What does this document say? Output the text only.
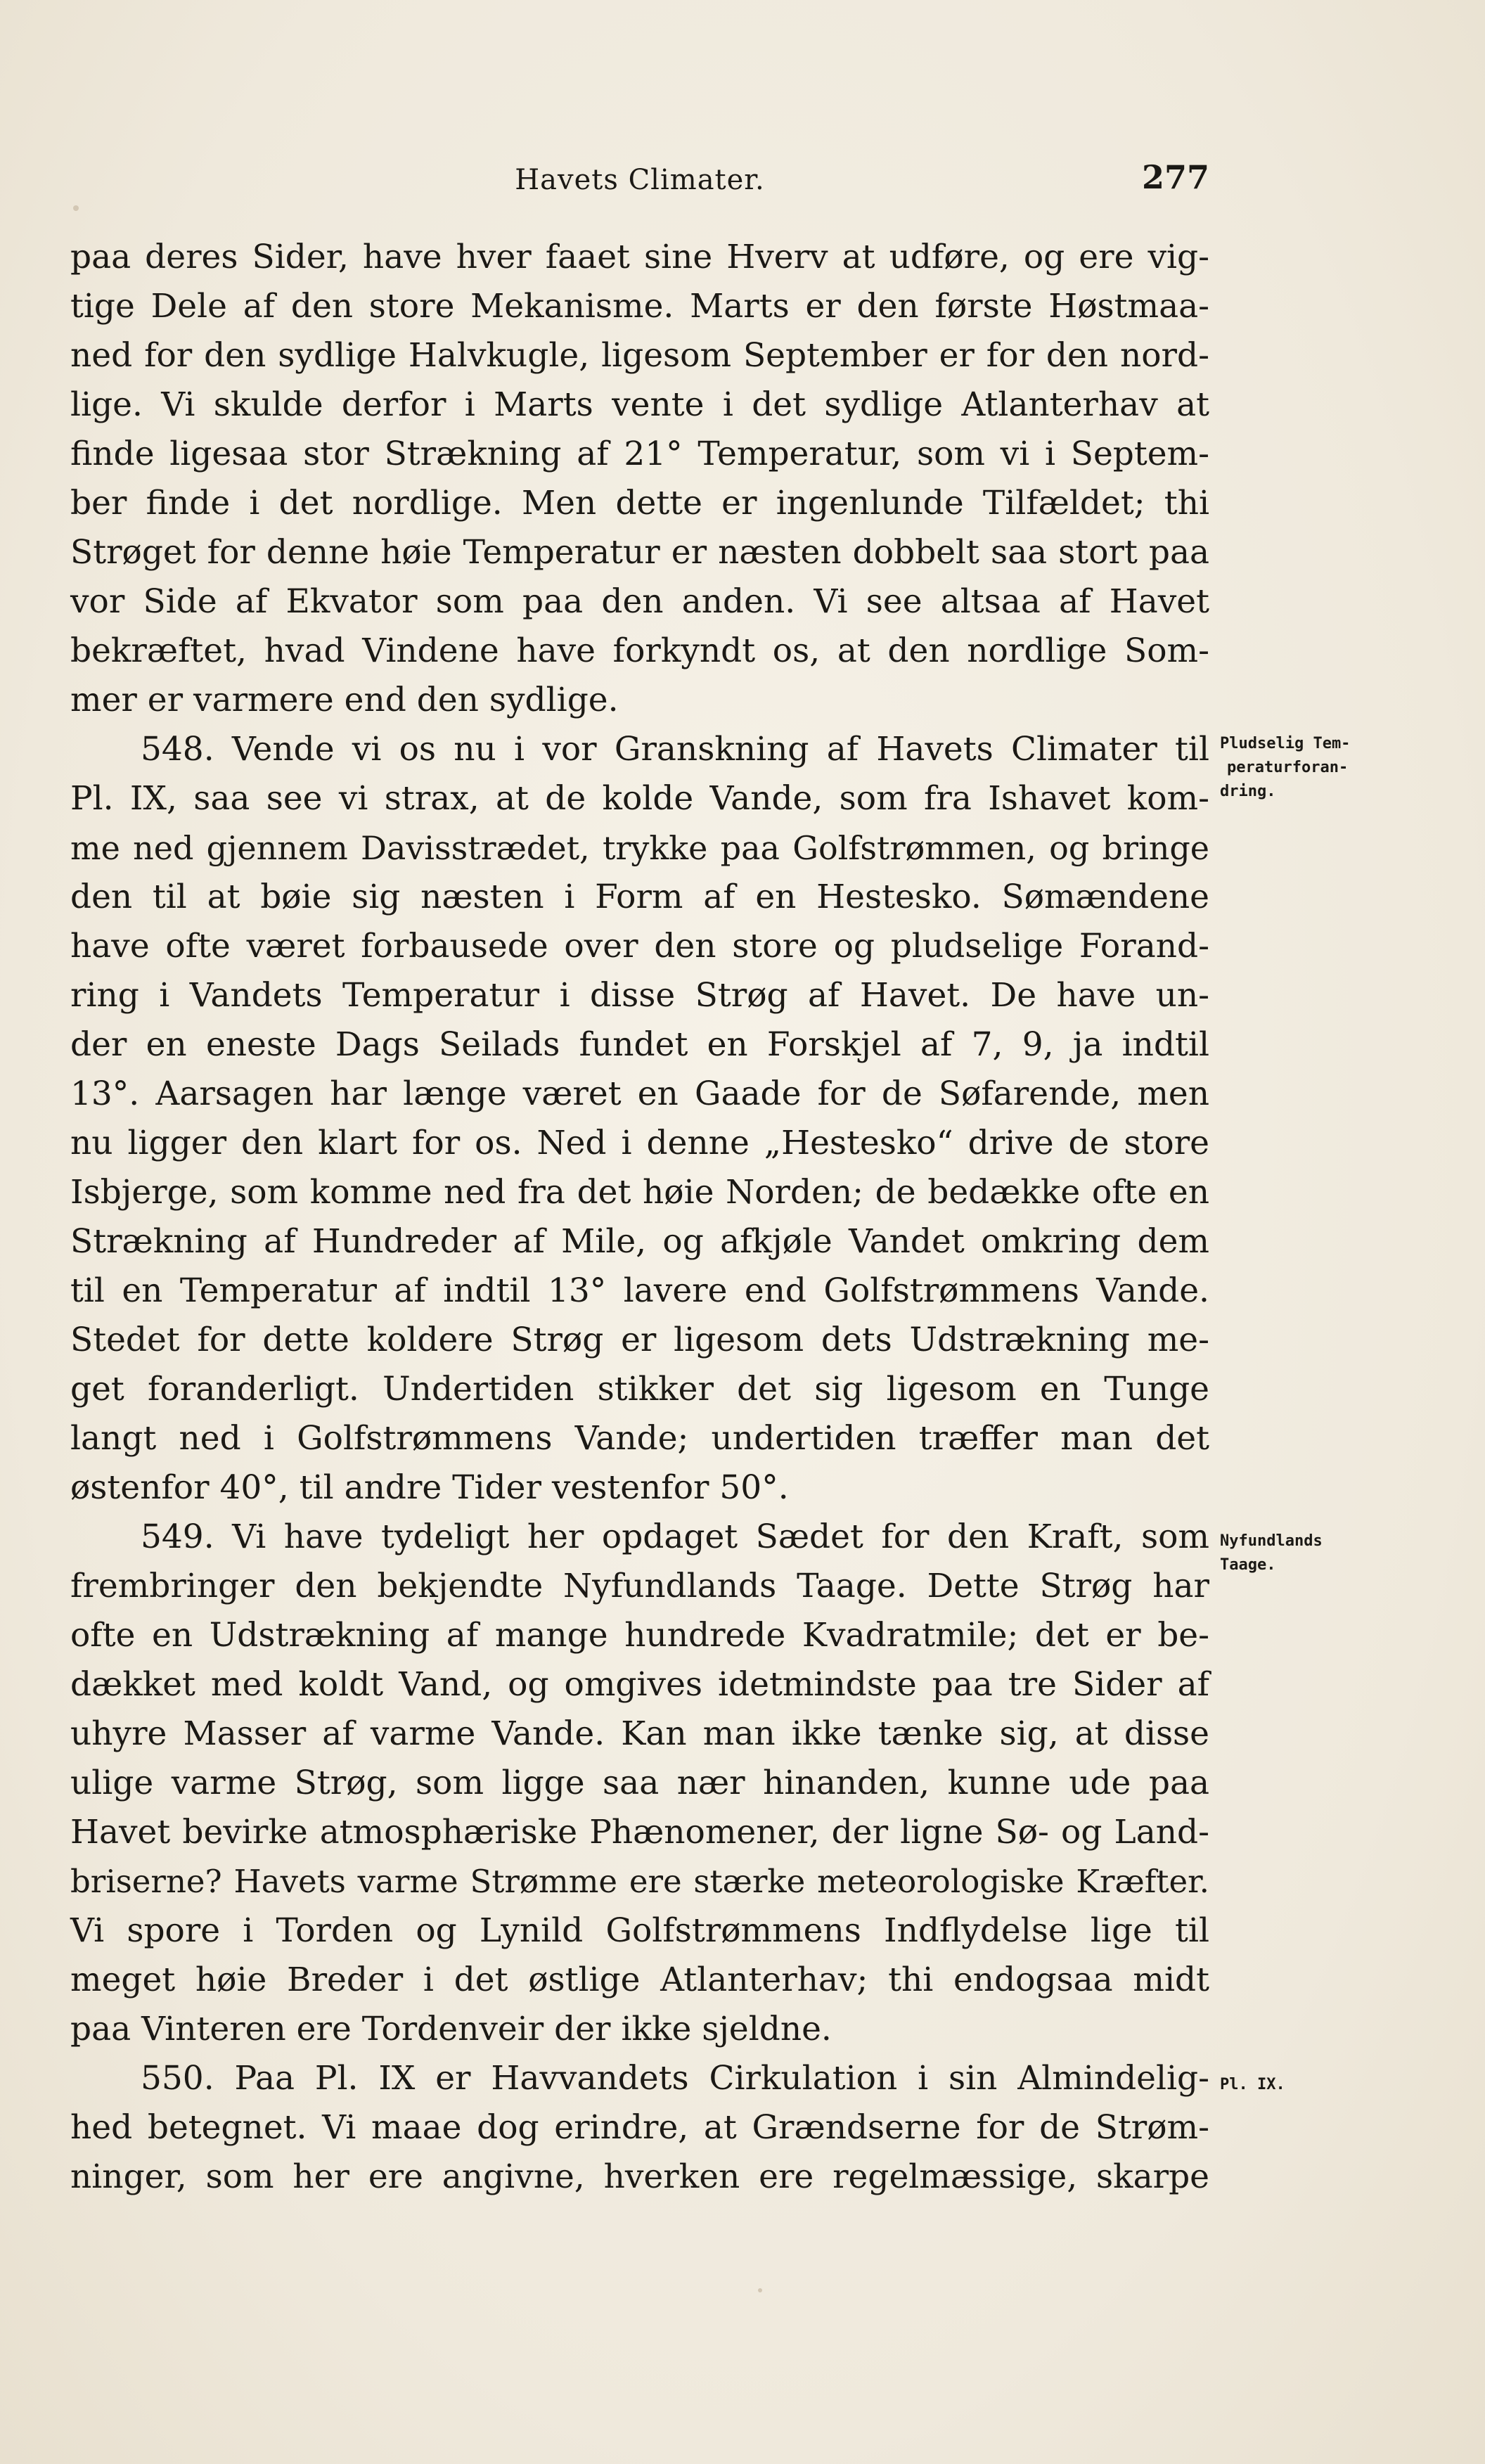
Havets Climater.	277
paa deres Sider, have hver faaet sine Hverv at udføre, og ere vig-
tige Dele af den store Mekanisme. Marts er den første Høstmaa-
ned for den sydlige Halvkugle, ligesom September er for den nord-
lige. Vi skulde derfor i Marts vente i det sydlige Atlanterhav at
finde ligesaa stor Strækning af 21° Temperatur, som vi i Septem-
ber finde i det nordlige. Men dette er ingenlunde Tilfældet; thi
Strøget for denne høie Temperatur er næsten dobbelt saa stort paa
vor Side af Ekvator som paa den anden. Vi see altsaa af Havet
bekræftet, hvad Vindene have forkyndt os, at den nordlige Som-
mer er varmere end den sydlige.
548. Vende vi os nu i vor Granskning af Havets Climater til
Pl. IX, saa see vi strax, at de kolde Vande, som fra Ishavet kom-
me ned gjennem Davisstrædet, trykke paa Golfstrømmen, og bringe
den til at bøie sig næsten i Form af en Hestesko. Sømændene
have ofte været forbausede over den store og pludselige Forand-
ring i Vandets Temperatur i disse Strøg af Havet. De have un-
der en eneste Dags Seilads fundet en Forskjel af 7, 9, ja indtil
13°. Aarsagen har længe været en Gaade for de Søfarende, men
nu ligger den klart for os. Ned i denne „Hestesko“ drive de store
Isbjerge, som komme ned fra det høie Norden; de bedække ofte en
Strækning af Hundreder af Mile, og afkjøle Vandet omkring dem
til en Temperatur af indtil 13° lavere end Golfstrømmens Vande.
Stedet for dette koldere Strøg er ligesom dets Udstrækning me-
get foranderligt. Undertiden stikker det sig ligesom en Tunge
langt ned i Golfstrømmens Vande; undertiden træffer man det
østenfor 40°, til andre Tider vestenfor 50°.
549. Vi have tydeligt her opdaget Sædet for den Kraft, som
frembringer den bekjendte Nyfundlands Taage. Dette Strøg har
ofte en Udstrækning af mange hundrede Kvadratmile; det er be-
dækket med koldt Vand, og omgives idetmindste paa tre Sider af
uhyre Masser af varme Vande. Kan man ikke tænke sig, at disse
ulige varme Strøg, som ligge saa nær hinanden, kunne ude paa
Havet bevirke atmosphæriske Phænomener, der ligne Sø- og Land-
briserne? Havets varme Strømme ere stærke meteorologiske Kræfter.
Vi spore i Torden og Lynild Golfstrømmens Indflydelse lige til
meget høie Breder i det østlige Atlanterhav; thi endogsaa midt
paa Vinteren ere Tordenveir der ikke sjeldne.
550. Paa Pl. IX er Havvandets Cirkulation i sin Almindelig-
hed betegnet. Vi maae dog erindre, at Grændserne for de Strøm-
ninger, som her ere angivne, hverken ere regelmæssige, skarpe
Pludselig Tem-
peraturforan-
dring.
Nyfundlands
Taage.
Pl. IX.
